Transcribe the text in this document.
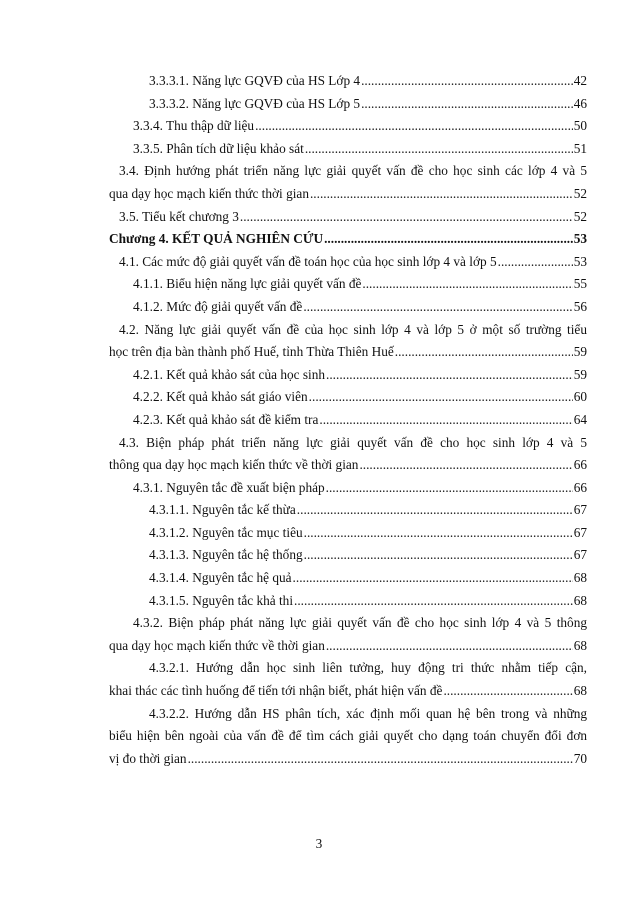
3.3.3.1. Năng lực GQVĐ của HS Lớp 4 .....	42
3.3.3.2. Năng lực GQVĐ của HS Lớp 5 .....	46
3.3.4. Thu thập dữ liệu .....	50
3.3.5. Phân tích dữ liệu khảo sát .....	51
3.4. Định hướng phát triển năng lực giải quyết vấn đề cho học sinh các lớp 4 và 5
qua dạy học mạch kiến thức thời gian .....	52
3.5. Tiểu kết chương 3 .....	52
Chương 4. KẾT QUẢ NGHIÊN CỨU .....	53
4.1. Các mức độ giải quyết vấn đề toán học của học sinh lớp 4 và lớp 5 .....	53
4.1.1. Biểu hiện năng lực giải quyết vấn đề .....	55
4.1.2. Mức độ giải quyết vấn đề .....	56
4.2. Năng lực giải quyết vấn đề của học sinh lớp 4 và lớp 5 ở một số trường tiểu
học trên địa bàn thành phố Huế, tỉnh Thừa Thiên Huế .....	59
4.2.1. Kết quả khảo sát của học sinh .....	59
4.2.2. Kết quả khảo sát giáo viên .....	60
4.2.3. Kết quả khảo sát đề kiểm tra .....	64
4.3. Biện pháp phát triển năng lực giải quyết vấn đề cho học sinh lớp 4 và 5
thông qua dạy học mạch kiến thức về thời gian .....	66
4.3.1. Nguyên tắc đề xuất biện pháp .....	66
4.3.1.1. Nguyên tắc kế thừa .....	67
4.3.1.2. Nguyên tắc mục tiêu .....	67
4.3.1.3. Nguyên tắc hệ thống .....	67
4.3.1.4. Nguyên tắc hệ quả .....	68
4.3.1.5. Nguyên tắc khả thi .....	68
4.3.2. Biện pháp phát năng lực giải quyết vấn đề cho học sinh lớp 4 và 5 thông
qua dạy học mạch kiến thức về thời gian .....	68
4.3.2.1. Hướng dẫn học sinh liên tưởng, huy động tri thức nhằm tiếp cận,
khai thác các tình huống để tiến tới nhận biết, phát hiện vấn đề .....	68
4.3.2.2. Hướng dẫn HS phân tích, xác định mối quan hệ bên trong và những
biểu hiện bên ngoài của vấn đề để tìm cách giải quyết cho dạng toán chuyển đổi đơn
vị đo thời gian .....	70
3
